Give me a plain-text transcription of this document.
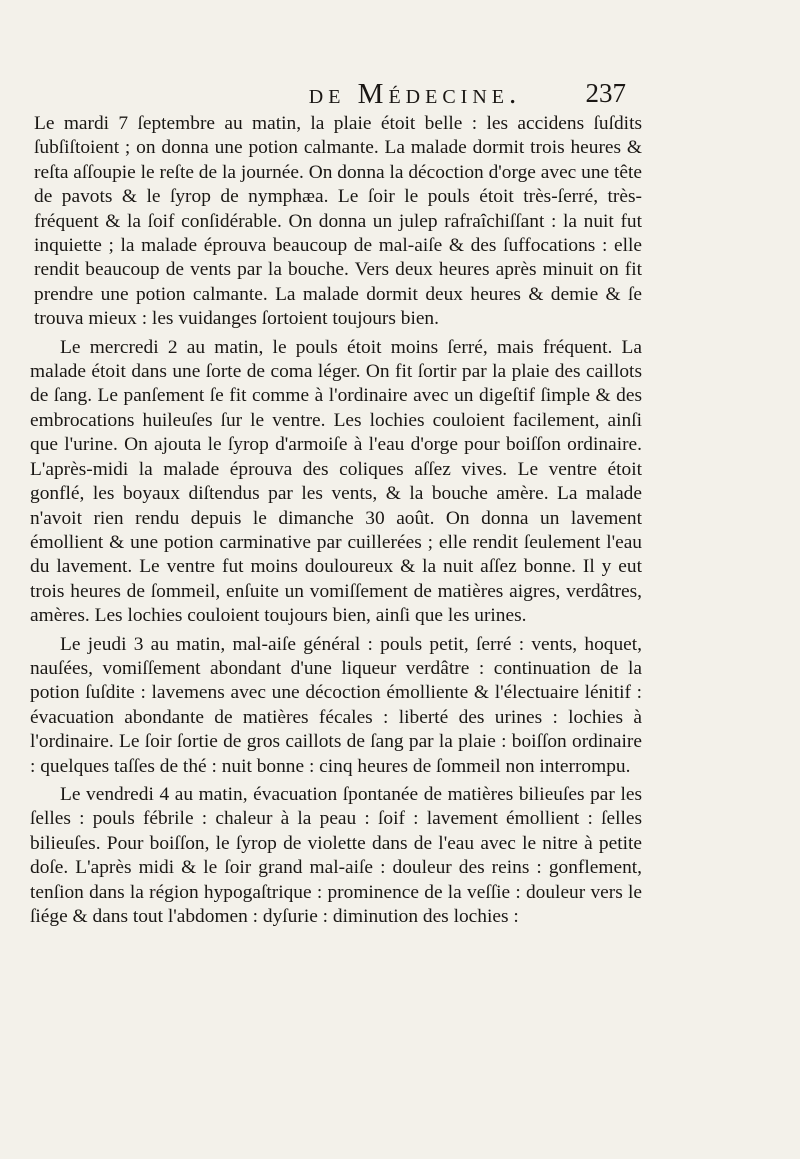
de Médecine.	237

Le mardi 7 ſeptembre au matin, la plaie étoit belle : les accidens ſuſdits ſubſiſtoient ; on donna une potion calmante. La malade dormit trois heures & reſta aſſoupie le reſte de la journée. On donna la décoction d'orge avec une tête de pavots & le ſyrop de nymphæa. Le ſoir le pouls étoit très-ſerré, très-fréquent & la ſoif conſidérable. On donna un julep rafraîchiſſant : la nuit fut inquiette ; la malade éprouva beaucoup de mal-aiſe & des ſuffocations : elle rendit beaucoup de vents par la bouche. Vers deux heures après minuit on fit prendre une potion calmante. La malade dormit deux heures & demie & ſe trouva mieux : les vuidanges ſortoient toujours bien.

Le mercredi 2 au matin, le pouls étoit moins ſerré, mais fréquent. La malade étoit dans une ſorte de coma léger. On fit ſortir par la plaie des caillots de ſang. Le panſement ſe fit comme à l'ordinaire avec un digeſtif ſimple & des embrocations huileuſes ſur le ventre. Les lochies couloient facilement, ainſi que l'urine. On ajouta le ſyrop d'armoiſe à l'eau d'orge pour boiſſon ordinaire. L'après-midi la malade éprouva des coliques aſſez vives. Le ventre étoit gonflé, les boyaux diſtendus par les vents, & la bouche amère. La malade n'avoit rien rendu depuis le dimanche 30 août. On donna un lavement émollient & une potion carminative par cuillerées ; elle rendit ſeulement l'eau du lavement. Le ventre fut moins douloureux & la nuit aſſez bonne. Il y eut trois heures de ſommeil, enſuite un vomiſſement de matières aigres, verdâtres, amères. Les lochies couloient toujours bien, ainſi que les urines.

Le jeudi 3 au matin, mal-aiſe général : pouls petit, ſerré : vents, hoquet, nauſées, vomiſſement abondant d'une liqueur verdâtre : continuation de la potion ſuſdite : lavemens avec une décoction émolliente & l'électuaire lénitif : évacuation abondante de matières fécales : liberté des urines : lochies à l'ordinaire. Le ſoir ſortie de gros caillots de ſang par la plaie : boiſſon ordinaire : quelques taſſes de thé : nuit bonne : cinq heures de ſommeil non interrompu.

Le vendredi 4 au matin, évacuation ſpontanée de matières bilieuſes par les ſelles : pouls fébrile : chaleur à la peau : ſoif : lavement émollient : ſelles bilieuſes. Pour boiſſon, le ſyrop de violette dans de l'eau avec le nitre à petite doſe. L'après midi & le ſoir grand mal-aiſe : douleur des reins : gonflement, tenſion dans la région hypogaſtrique : prominence de la veſſie : douleur vers le ſiége & dans tout l'abdomen : dyſurie : diminution des lochies :
